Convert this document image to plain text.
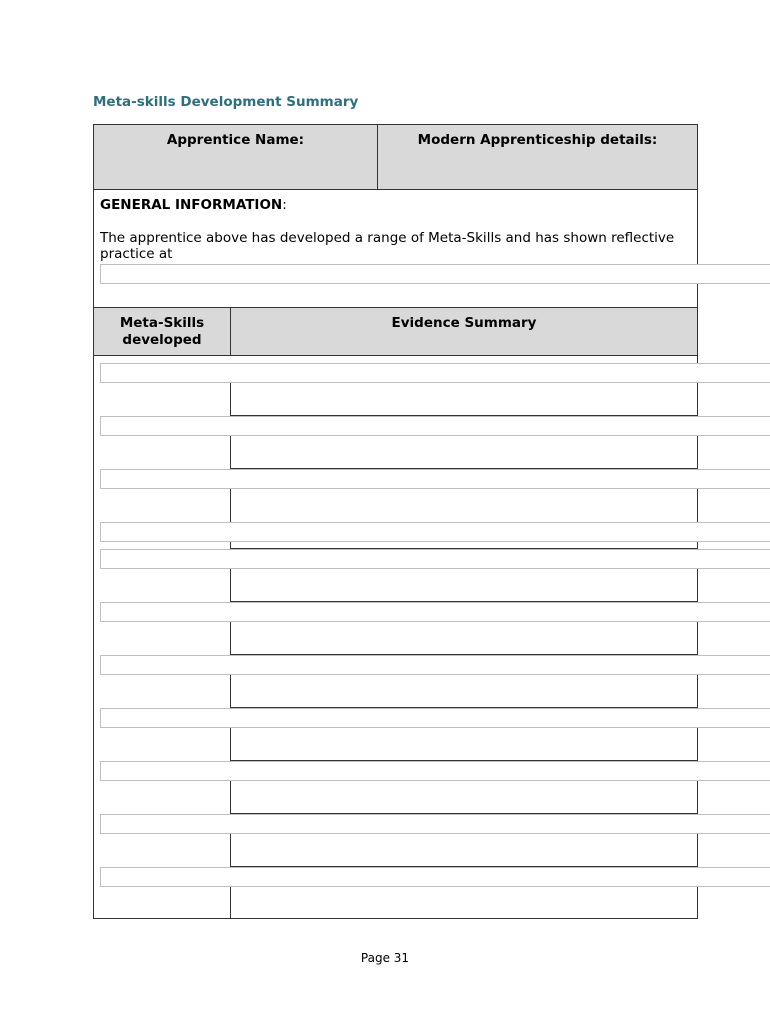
Meta-skills Development Summary
Apprentice Name:	Modern Apprenticeship details:
GENERAL INFORMATION:
The apprentice above has developed a range of Meta-Skills and has shown reflective practice at
Meta-Skills developed
Evidence Summary
Page 31
